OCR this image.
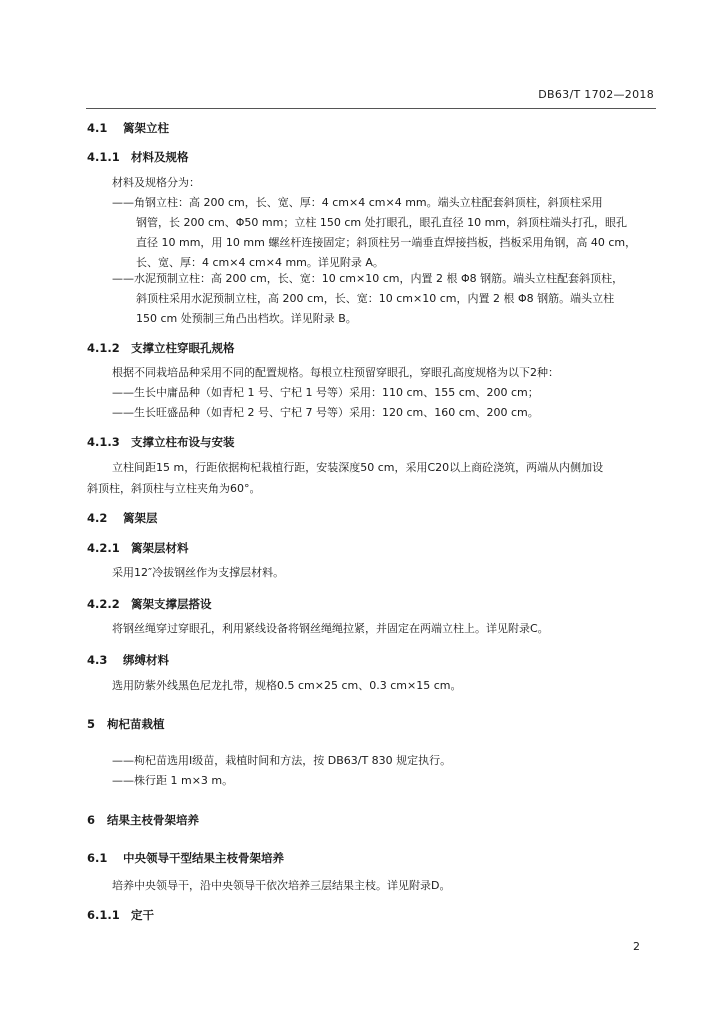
DB63/T 1702—2018
4.1 篱架立柱
4.1.1 材料及规格
材料及规格分为：
——角钢立柱：高 200 cm，长、宽、厚：4 cm×4 cm×4 mm。端头立柱配套斜顶柱，斜顶柱采用
钢管，长 200 cm、Φ50 mm；立柱 150 cm 处打眼孔，眼孔直径 10 mm，斜顶柱端头打孔，眼孔
直径 10 mm，用 10 mm 螺丝杆连接固定；斜顶柱另一端垂直焊接挡板，挡板采用角钢，高 40 cm，
长、宽、厚：4 cm×4 cm×4 mm。详见附录 A。
——水泥预制立柱：高 200 cm，长、宽：10 cm×10 cm，内置 2 根 Φ8 钢筋。端头立柱配套斜顶柱，
斜顶柱采用水泥预制立柱，高 200 cm，长、宽：10 cm×10 cm，内置 2 根 Φ8 钢筋。端头立柱
150 cm 处预制三角凸出档坎。详见附录 B。
4.1.2 支撑立柱穿眼孔规格
根据不同栽培品种采用不同的配置规格。每根立柱预留穿眼孔，穿眼孔高度规格为以下2种：
——生长中庸品种（如青杞 1 号、宁杞 1 号等）采用：110 cm、155 cm、200 cm；
——生长旺盛品种（如青杞 2 号、宁杞 7 号等）采用：120 cm、160 cm、200 cm。
4.1.3 支撑立柱布设与安装
立柱间距15 m，行距依据枸杞栽植行距，安装深度50 cm，采用C20以上商砼浇筑，两端从内侧加设
斜顶柱，斜顶柱与立柱夹角为60°。
4.2 篱架层
4.2.1 篱架层材料
采用12″冷拔钢丝作为支撑层材料。
4.2.2 篱架支撑层搭设
将钢丝绳穿过穿眼孔，利用紧线设备将钢丝绳绳拉紧，并固定在两端立柱上。详见附录C。
4.3 绑缚材料
选用防紫外线黑色尼龙扎带，规格0.5 cm×25 cm、0.3 cm×15 cm。
5 枸杞苗栽植
——枸杞苗选用Ⅰ级苗，栽植时间和方法，按 DB63/T 830 规定执行。
——株行距 1 m×3 m。
6 结果主枝骨架培养
6.1 中央领导干型结果主枝骨架培养
培养中央领导干，沿中央领导干依次培养三层结果主枝。详见附录D。
6.1.1 定干
2
